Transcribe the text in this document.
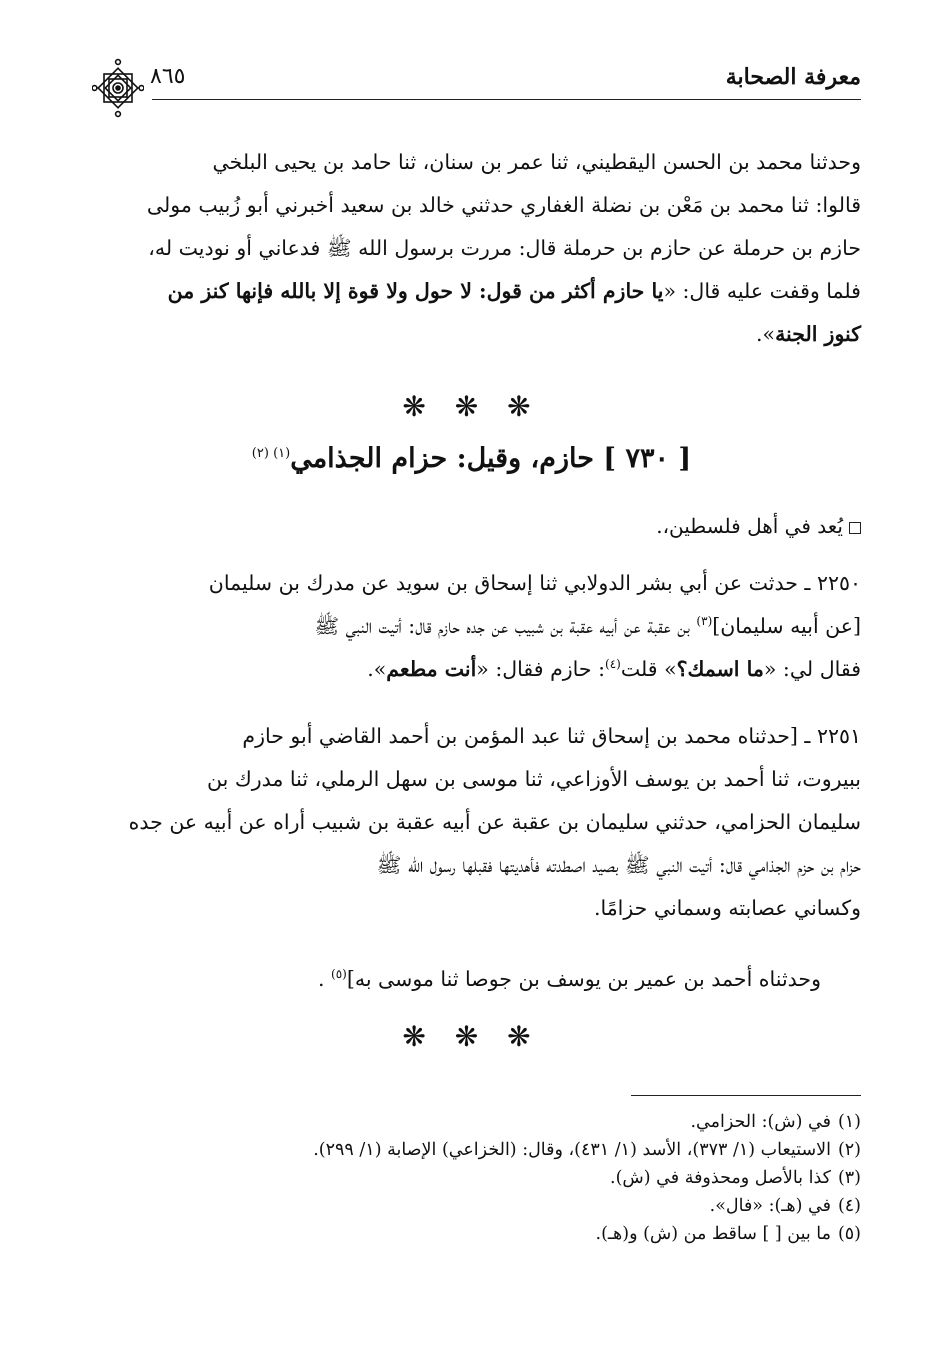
معرفة الصحابة
٨٦٥

وحدثنا محمد بن الحسن اليقطيني، ثنا عمر بن سنان، ثنا حامد بن يحيى البلخي

قالوا: ثنا محمد بن مَعْن بن نضلة الغفاري حدثني خالد بن سعيد أخبرني أبو زُبيب مولى

حازم بن حرملة عن حازم بن حرملة قال: مررت برسول الله ﷺ فدعاني أو نوديت له،

فلما وقفت عليه قال: «يا حازم أكثر من قول: لا حول ولا قوة إلا بالله فإنها كنز من

كنوز الجنة».

❋ ❋ ❋
[ ٧٣٠ ] حازم، وقيل: حزام الجذامي$^{(١) (٢)}$

يُعد في أهل فلسطين،.

٢٢٥٠ ـ حدثت عن أبي بشر الدولابي ثنا إسحاق بن سويد عن مدرك بن سليمان

[عن أبيه سليمان]$^{(٣)}$ بن عقبة عن أبيه عقبة بن شبيب عن جده حازم قال: أتيت النبي ﷺ

فقال لي: «ما اسمك؟» قلت$^{(٤)}$: حازم فقال: «أنت مطعم».

٢٢٥١ ـ [حدثناه محمد بن إسحاق ثنا عبد المؤمن بن أحمد القاضي أبو حازم

ببيروت، ثنا أحمد بن يوسف الأوزاعي، ثنا موسى بن سهل الرملي، ثنا مدرك بن

سليمان الحزامي، حدثني سليمان بن عقبة عن أبيه عقبة بن شبيب أراه عن أبيه عن جده

حزام بن حزم الجذامي قال: أتيت النبي ﷺ بصيد اصطدته فأهديتها فقبلها رسول الله ﷺ

وكساني عصابته وسماني حزامًا.

وحدثناه أحمد بن عمير بن يوسف بن جوصا ثنا موسى به]$^{(٥)}$ .

❋ ❋ ❋

(١)في (ش): الحزامي.

(٢)الاستيعاب (١/ ٣٧٣)، الأسد (١/ ٤٣١)، وقال: (الخزاعي) الإصابة (١/ ٢٩٩).

(٣)كذا بالأصل ومحذوفة في (ش).

(٤)في (هـ): «فال».

(٥)ما بين [ ] ساقط من (ش) و(هـ).
